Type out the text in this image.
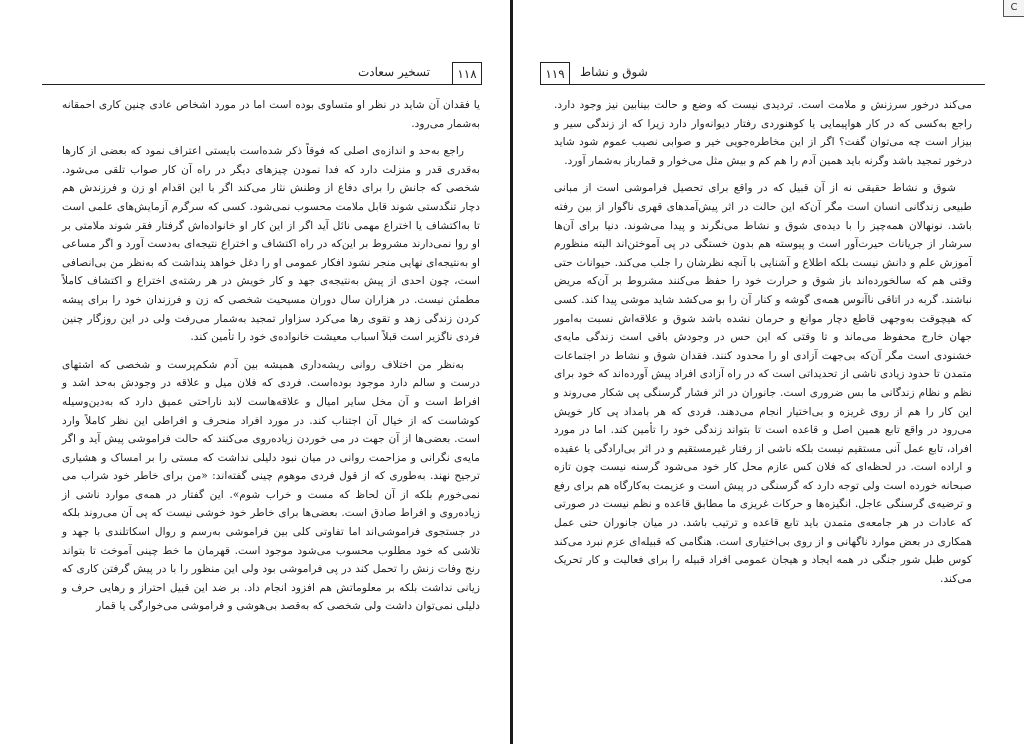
۱۱۸
تسخیر سعادت

یا فقدان آن شاید در نظر او متساوی بوده است اما در مورد اشخاص عادی چنین کاری احمقانه به‌شمار می‌رود.

راجع به‌حد و اندازه‌ی اصلی که فوقاً ذکر شده‌است بایستی اعتراف نمود که بعضی از کارها به‌قدری قدر و منزلت دارد که فدا نمودن چیزهای دیگر در راه آن کار صواب تلقی می‌شود. شخصی که جانش را برای دفاع از وطنش نثار می‌کند اگر با این اقدام او زن و فرزندش هم دچار تنگدستی شوند قابل ملامت محسوب نمی‌شود. کسی که سرگرم آزمایش‌های علمی است تا به‌اکتشاف یا اختراع مهمی نائل آید اگر از این کار او خانواده‌اش گرفتار فقر شوند ملامتی بر او روا نمی‌دارند مشروط بر این‌که در راه اکتشاف و اختراع نتیجه‌ای به‌دست آورد و اگر مساعی او به‌نتیجه‌ای نهایی منجر نشود افکار عمومی او را دغل خواهد پنداشت که به‌نظر من بی‌انصافی است، چون احدی از پیش به‌نتیجه‌ی جهد و کار خویش در هر رشته‌ی اختراع و اکتشاف کاملاً مطمئن نیست. در هزاران سال دوران مسیحیت شخصی که زن و فرزندان خود را برای پیشه کردن زندگی زهد و تقوی رها می‌کرد سزاوار تمجید به‌شمار می‌رفت ولی در این روزگار چنین فردی ناگزیر است قبلاً اسباب معیشت خانواده‌ی خود را تأمین کند.

به‌نظر من اختلاف روانی ریشه‌داری همیشه بین آدم شکم‌پرست و شخصی که اشتهای درست و سالم دارد موجود بوده‌است. فردی که فلان میل و علاقه در وجودش به‌حد اشد و افراط است و آن مخل سایر امیال و علاقه‌هاست لابد ناراحتی عمیق دارد که به‌دین‌وسیله کوشاست که از خیال آن اجتناب کند. در مورد افراد منحرف و افراطی این نظر کاملاً وارد است. بعضی‌ها از آن جهت در می خوردن زیاده‌روی می‌کنند که حالت فراموشی پیش آید و اگر مایه‌ی نگرانی و مزاحمت روانی در میان نبود دلیلی نداشت که مستی را بر امساک و هشیاری ترجیح نهند. به‌طوری که از قول فردی موهوم چینی گفته‌اند: «من برای خاطر خود شراب می نمی‌خورم بلکه از آن لحاظ که مست و خراب شوم». این گفتار در همه‌ی موارد ناشی از زیاده‌روی و افراط صادق است. بعضی‌ها برای خاطر خود خوشی نیست که پی آن می‌روند بلکه در جستجوی فراموشی‌اند اما تفاوتی کلی بین فراموشی به‌رسم و روال اسکاتلندی با جهد و تلاشی که خود مطلوب محسوب می‌شود موجود است. قهرمان ما خط چینی آموخت تا بتواند رنج وفات زنش را تحمل کند در پی فراموشی بود ولی این منظور را با در پیش گرفتن کاری که زیانی نداشت بلکه بر معلوماتش هم افزود انجام داد. بر ضد این قبیل احتراز و رهایی حرف و دلیلی نمی‌توان داشت ولی شخصی که به‌قصد بی‌هوشی و فراموشی می‌خوارگی یا قمار

۱۱۹	شوق و نشاط

می‌کند درخور سرزنش و ملامت است. تردیدی نیست که وضع و حالت بینابین نیز وجود دارد. راجع به‌کسی که در کار هواپیمایی یا کوهنوردی رفتار دیوانه‌وار دارد زیرا که از زندگی سیر و بیزار است چه می‌توان گفت؟ اگر از این مخاطره‌جویی خیر و صوابی نصیب عموم شود شاید درخور تمجید باشد وگرنه باید همین آدم را هم کم و بیش مثل می‌خوار و قمارباز به‌شمار آورد.

شوق و نشاط حقیقی نه از آن قبیل که در واقع برای تحصیل فراموشی است از مبانی طبیعی زندگانی انسان است مگر آن‌که این حالت در اثر پیش‌آمدهای قهری ناگوار از بین رفته باشد. نونهالان همه‌چیز را با دیده‌ی شوق و نشاط می‌نگرند و پیدا می‌شوند. دنیا برای آن‌ها سرشار از جریانات حیرت‌آور است و پیوسته هم بدون خستگی در پی آموختن‌اند البته منظورم آموزش علم و دانش نیست بلکه اطلاع و آشنایی با آنچه نظرشان را جلب می‌کند. حیوانات حتی وقتی هم که سالخورده‌اند باز شوق و حرارت خود را حفظ می‌کنند مشروط بر آن‌که مریض نباشند. گربه در اتاقی ناآنوس همه‌ی گوشه و کنار آن را بو می‌کشد شاید موشی پیدا کند. کسی که هیچوقت به‌وجهی قاطع دچار موانع و حرمان نشده باشد شوق و علاقه‌اش نسبت به‌امور جهان خارج محفوظ می‌ماند و تا وقتی که این حس در وجودش باقی است زندگی مایه‌ی خشنودی است مگر آن‌که بی‌جهت آزادی او را محدود کنند. فقدان شوق و نشاط در اجتماعات متمدن تا حدود زیادی ناشی از تحدیداتی است که در راه آزادی افراد پیش آورده‌اند که خود برای نظم و نظام زندگانی ما بس ضروری است. جانوران در اثر فشار گرسنگی پی شکار می‌روند و این کار را هم از روی غریزه و بی‌اختیار انجام می‌دهند. فردی که هر بامداد پی کار خویش می‌رود در واقع تابع همین اصل و قاعده است تا بتواند زندگی خود را تأمین کند. اما در مورد افراد، تابع عمل آنی مستقیم نیست بلکه ناشی از رفتار غیرمستقیم و در اثر بی‌ارادگی یا عقیده و اراده است. در لحظه‌ای که فلان کس عازم محل کار خود می‌شود گرسنه نیست چون تازه صبحانه خورده است ولی توجه دارد که گرسنگی در پیش است و عزیمت به‌کارگاه هم برای رفع و ترضیه‌ی گرسنگی عاجل. انگیزه‌ها و حرکات غریزی ما مطابق قاعده و نظم نیست در صورتی که عادات در هر جامعه‌ی متمدن باید تابع قاعده و ترتیب باشد. در میان جانوران حتی عمل همکاری در بعض موارد ناگهانی و از روی بی‌اختیاری است. هنگامی که قبیله‌ای عزم نبرد می‌کند کوس طبل شور جنگی در همه ایجاد و هیجان عمومی افراد قبیله را برای فعالیت و کار تحریک می‌کند.

C
